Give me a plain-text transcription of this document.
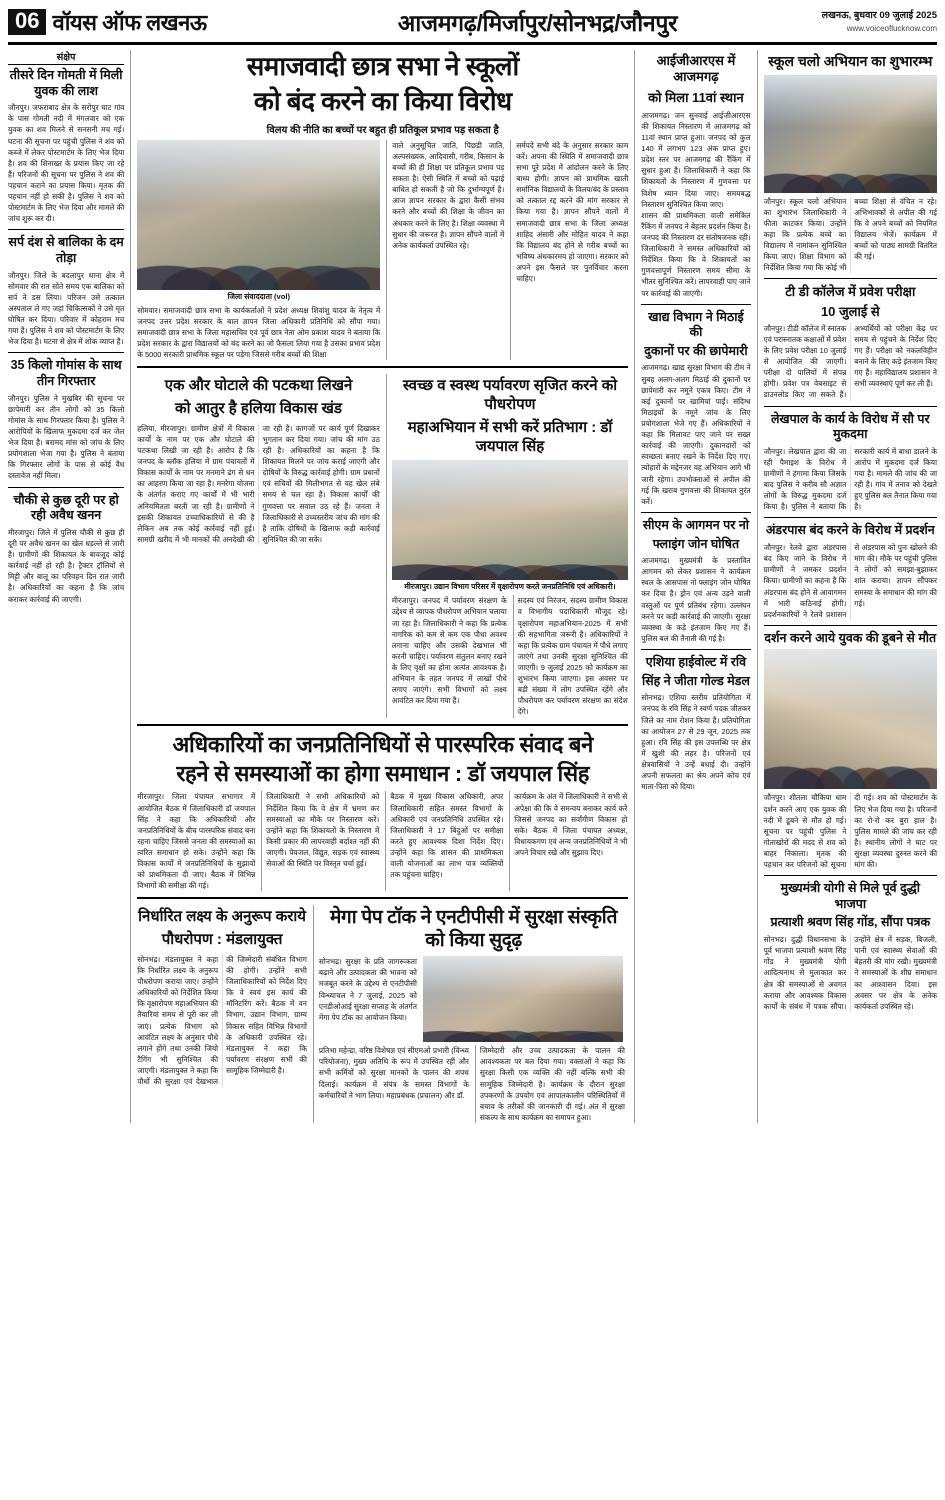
06 वॉयस ऑफ लखनऊ	आजमगढ़/मिर्जापुर/सोनभद्र/जौनपुर	लखनऊ, बुधवार 09 जुलाई 2025
www.voiceoflucknow.com
संक्षेप
तीसरे दिन गोमती में मिली युवक की लाश
जौनपुर। जफराबाद क्षेत्र के सरोपुर घाट गांव के पास गोमती नदी में मंगलवार को एक युवक का शव मिलने से सनसनी मच गई। घटना की सूचना पर पहुंची पुलिस ने शव को कब्जे में लेकर पोस्टमार्टम के लिए भेज दिया है। शव की शिनाख्त के प्रयास किए जा रहे हैं। परिजनों की सूचना पर पुलिस ने शव की पहचान कराने का प्रयास किया। मृतक की पहचान नहीं हो सकी है। पुलिस ने शव को पोस्टमार्टम के लिए भेज दिया और मामले की जांच शुरू कर दी।
सर्प दंश से बालिका के दम तोड़ा
जौनपुर। जिले के बदलापुर थाना क्षेत्र में सोमवार की रात सोते समय एक बालिका को सर्प ने डस लिया। परिजन उसे तत्काल अस्पताल ले गए जहां चिकित्सकों ने उसे मृत घोषित कर दिया। परिवार में कोहराम मच गया है। पुलिस ने शव को पोस्टमार्टम के लिए भेज दिया है। घटना से क्षेत्र में शोक व्याप्त है।
35 किलो गोमांस के साथ तीन गिरफ्तार
जौनपुर। पुलिस ने मुखबिर की सूचना पर छापेमारी कर तीन लोगों को 35 किलो गोमांस के साथ गिरफ्तार किया है। पुलिस ने आरोपियों के खिलाफ मुकदमा दर्ज कर जेल भेज दिया है। बरामद मांस को जांच के लिए प्रयोगशाला भेजा गया है। पुलिस ने बताया कि गिरफ्तार लोगों के पास से कोई वैध दस्तावेज नहीं मिला।
चौकी से कुछ दूरी पर हो रही अवैध खनन
मीरजापुर। जिले में पुलिस चौकी से कुछ ही दूरी पर अवैध खनन का खेल धड़ल्ले से जारी है। ग्रामीणों की शिकायत के बावजूद कोई कार्रवाई नहीं हो रही है। ट्रैक्टर ट्रॉलियों से मिट्टी और बालू का परिवहन दिन रात जारी है। अधिकारियों का कहना है कि जांच कराकर कार्रवाई की जाएगी।
समाजवादी छात्र सभा ने स्कूलों
को बंद करने का किया विरोध
विलय की नीति का बच्चों पर बहुत ही प्रतिकूल प्रभाव पड़ सकता है
जिला संवाददाता (vol)
सोमवार। समाजवादी छात्र सभा के कार्यकर्ताओं ने प्रदेश अध्यक्ष शिवांशु यादव के नेतृत्व में जनपद उत्तर प्रदेश सरकार के बाल ज्ञापन जिला अधिकारी प्रतिनिधि को सौंपा गया। समाजवादी छात्र सभा के जिला महासचिव एवं पूर्व छात्र नेता ओम प्रकाश यादव ने बताया कि प्रदेश सरकार के द्वारा विद्यालयों को बंद करने का जो फैसला लिया गया है उसका प्रभाव प्रदेश के 5000 सरकारी प्राथमिक स्कूल पर पड़ेगा जिससे गरीब बच्चों की शिक्षा
वाले अनुसूचित जाति, पिछड़ी जाति, अल्पसंख्यक, आदिवासी, गरीब, किसान के बच्चों की ही शिक्षा पर प्रतिकूल प्रभाव पड़ सकता है। ऐसी स्थिति में बच्चों को पढ़ाई बाधित हो सकती है जो कि दुर्भाग्यपूर्ण है। आज ज्ञापन सरकार के द्वारा कैसी संभव करने और बच्चों की शिक्षा के जीवन का अंधकार करने के लिए है। शिक्षा व्यवस्था में सुधार की जरूरत है। ज्ञापन सौंपने वालों में अनेक कार्यकर्ता उपस्थित रहे।
सर्मपदे सभी बंदे के अनुसार सरकार काम करें। अपना की स्थिति में समाजवादी छात्र सभा पूरे प्रदेश में आंदोलन करने के लिए बाध्य होगी। ज्ञापन को प्राथमिक खाती सर्मानिक विद्यालयों के विलय/बंद के प्रस्ताव को तत्काल रद्द करने की मांग सरकार से किया गया है। ज्ञापन सौंपने वालों में समाजवादी छात्र सभा के जिला अध्यक्ष शाहिद अंसारी और मोहित यादव ने कहा कि विद्यालय बंद होने से गरीब बच्चों का भविष्य अंधकारमय हो जाएगा। सरकार को अपने इस फैसले पर पुनर्विचार करना चाहिए।
एक और घोटाले की पटकथा लिखने
को आतुर है हलिया विकास खंड
हलिया, मीरजापुर। ग्रामीण क्षेत्रों में विकास कार्यों के नाम पर एक और घोटाले की पटकथा लिखी जा रही है। आरोप है कि जनपद के ब्लॉक हलिया में ग्राम पंचायतों में विकास कार्यों के नाम पर मनमाने ढंग से धन का आहरण किया जा रहा है। मनरेगा योजना के अंतर्गत कराए गए कार्यों में भी भारी अनियमितता बरती जा रही है। ग्रामीणों ने इसकी शिकायत उच्चाधिकारियों से की है लेकिन अब तक कोई कार्रवाई नहीं हुई। सामग्री खरीद में भी मानकों की अनदेखी की जा रही है। कागजों पर कार्य पूर्ण दिखाकर भुगतान कर दिया गया। जांच की मांग उठ रही है। अधिकारियों का कहना है कि शिकायत मिलने पर जांच कराई जाएगी और दोषियों के विरुद्ध कार्रवाई होगी। ग्राम प्रधानों एवं सचिवों की मिलीभगत से यह खेल लंबे समय से चल रहा है। विकास कार्यों की गुणवत्ता पर सवाल उठ रहे हैं। जनता ने जिलाधिकारी से उच्चस्तरीय जांच की मांग की है ताकि दोषियों के खिलाफ कड़ी कार्रवाई सुनिश्चित की जा सके।
स्वच्छ व स्वस्थ पर्यावरण सृजित करने को पौधरोपण
महाअभियान में सभी करें प्रतिभाग : डॉ जयपाल सिंह
मीरजापुर। उद्यान विभाग परिसर में वृक्षारोपण करते जनप्रतिनिधि एवं अधिकारी।
मीरजापुर। जनपद में पर्यावरण संरक्षण के उद्देश्य से व्यापक पौधरोपण अभियान चलाया जा रहा है। जिलाधिकारी ने कहा कि प्रत्येक नागरिक को कम से कम एक पौधा अवश्य लगाना चाहिए और उसकी देखभाल भी करनी चाहिए। पर्यावरण संतुलन बनाए रखने के लिए वृक्षों का होना अत्यंत आवश्यक है। अभियान के तहत जनपद में लाखों पौधे लगाए जाएंगे। सभी विभागों को लक्ष्य आवंटित कर दिया गया है।
सदस्य एवं निरंजन, सदस्य ग्रामीण विकास व विभागीय पदाधिकारी मौजूद रहे। वृक्षारोपण महाअभियान-2025 में सभी की सहभागिता जरूरी है। अधिकारियों ने कहा कि प्रत्येक ग्राम पंचायत में पौधे लगाए जाएंगे तथा उनकी सुरक्षा सुनिश्चित की जाएगी। 9 जुलाई 2025 को कार्यक्रम का शुभारंभ किया जाएगा। इस अवसर पर बड़ी संख्या में लोग उपस्थित रहेंगे और पौधरोपण कर पर्यावरण संरक्षण का संदेश देंगे।
अधिकारियों का जनप्रतिनिधियों से पारस्परिक संवाद बने
रहने से समस्याओं का होगा समाधान : डॉ जयपाल सिंह
मीरजापुर। जिला पंचायत सभागार में आयोजित बैठक में जिलाधिकारी डॉ जयपाल सिंह ने कहा कि अधिकारियों और जनप्रतिनिधियों के बीच पारस्परिक संवाद बना रहना चाहिए जिससे जनता की समस्याओं का त्वरित समाधान हो सके। उन्होंने कहा कि विकास कार्यों में जनप्रतिनिधियों के सुझावों को प्राथमिकता दी जाए। बैठक में विभिन्न विभागों की समीक्षा की गई।
जिलाधिकारी ने सभी अधिकारियों को निर्देशित किया कि वे क्षेत्र में भ्रमण कर समस्याओं का मौके पर निस्तारण करें। उन्होंने कहा कि शिकायतों के निस्तारण में किसी प्रकार की लापरवाही बर्दाश्त नहीं की जाएगी। पेयजल, विद्युत, सड़क एवं स्वास्थ्य सेवाओं की स्थिति पर विस्तृत चर्चा हुई।
बैठक में मुख्य विकास अधिकारी, अपर जिलाधिकारी सहित समस्त विभागों के अधिकारी एवं जनप्रतिनिधि उपस्थित रहे। जिलाधिकारी ने 17 बिंदुओं पर समीक्षा करते हुए आवश्यक दिशा निर्देश दिए। उन्होंने कहा कि शासन की प्राथमिकता वाली योजनाओं का लाभ पात्र व्यक्तियों तक पहुंचना चाहिए।
कार्यक्रम के अंत में जिलाधिकारी ने सभी से अपेक्षा की कि वे समन्वय बनाकर कार्य करें जिससे जनपद का सर्वांगीण विकास हो सके। बैठक में जिला पंचायत अध्यक्ष, विधायकगण एवं अन्य जनप्रतिनिधियों ने भी अपने विचार रखे और सुझाव दिए।
निर्धारित लक्ष्य के अनुरूप कराये
पौधरोपण : मंडलायुक्त
सोनभद्र। मंडलायुक्त ने कहा कि निर्धारित लक्ष्य के अनुरूप पौधरोपण कराया जाए। उन्होंने अधिकारियों को निर्देशित किया कि वृक्षारोपण महाअभियान की तैयारियां समय से पूरी कर ली जाएं। प्रत्येक विभाग को आवंटित लक्ष्य के अनुसार पौधे लगाने होंगे तथा उनकी जियो टैगिंग भी सुनिश्चित की जाएगी। मंडलायुक्त ने कहा कि पौधों की सुरक्षा एवं देखभाल की जिम्मेदारी संबंधित विभाग की होगी। उन्होंने सभी जिलाधिकारियों को निर्देश दिए कि वे स्वयं इस कार्य की मॉनिटरिंग करें। बैठक में वन विभाग, उद्यान विभाग, ग्राम्य विकास सहित विभिन्न विभागों के अधिकारी उपस्थित रहे। मंडलायुक्त ने कहा कि पर्यावरण संरक्षण सभी की सामूहिक जिम्मेदारी है।
मेगा पेप टॉक ने एनटीपीसी में सुरक्षा संस्कृति को किया सुदृढ़
सोनभद्र। सुरक्षा के प्रति जागरूकता बढ़ाने और उत्पादकता की भावना को मजबूत करने के उद्देश्य से एनटीपीसी विन्ध्याचल ने 7 जुलाई, 2025 को एनडीओआई सुरक्षा सप्ताह के अंतर्गत मेगा पेप टॉक का आयोजन किया।
प्रतिभा महेन्द्रा, वरिष्ठ विशेषज्ञ एवं सीएमओ प्रभारी (विन्ध्य परियोजना), मुख्य अतिथि के रूप में उपस्थित रहीं और सभी कर्मियों को सुरक्षा मानकों के पालन की शपथ दिलाई। कार्यक्रम में संयंत्र के समस्त विभागों के कर्मचारियों ने भाग लिया। महाप्रबंधक (प्रचालन) और डॉ.
जिम्मेदारी और उच्च उत्पादकता के पालन की आवश्यकता पर बल दिया गया। वक्ताओं ने कहा कि सुरक्षा किसी एक व्यक्ति की नहीं बल्कि सभी की सामूहिक जिम्मेदारी है। कार्यक्रम के दौरान सुरक्षा उपकरणों के उपयोग एवं आपातकालीन परिस्थितियों में बचाव के तरीकों की जानकारी दी गई। अंत में सुरक्षा संकल्प के साथ कार्यक्रम का समापन हुआ।
आईजीआरएस में आजमगढ़
को मिला 11वां स्थान
आजमगढ़। जन सुनवाई आईजीआरएस की शिकायत निस्तारण में आजमगढ़ को 11वां स्थान प्राप्त हुआ। जनपद को कुल 140 में लगभग 123 अंक प्राप्त हुए। प्रदेश स्तर पर आजमगढ़ की रैंकिंग में सुधार हुआ है। जिलाधिकारी ने कहा कि शिकायतों के निस्तारण में गुणवत्ता पर विशेष ध्यान दिया जाए। समयबद्ध निस्तारण सुनिश्चित किया जाए।
शासन की प्राथमिकता वाली समेकित रैंकिंग में जनपद ने बेहतर प्रदर्शन किया है। जनपद की निस्तारण दर संतोषजनक रही। जिलाधिकारी ने समस्त अधिकारियों को निर्देशित किया कि वे शिकायतों का गुणवत्तापूर्ण निस्तारण समय सीमा के भीतर सुनिश्चित करें। लापरवाही पाए जाने पर कार्रवाई की जाएगी।
खाद्य विभाग ने मिठाई की
दुकानों पर की छापेमारी
आजमगढ़। खाद्य सुरक्षा विभाग की टीम ने सुबह अलग-अलग मिठाई की दुकानों पर छापेमारी कर नमूने एकत्र किए। टीम ने कई दुकानों पर खामियां पाईं। संदिग्ध मिठाइयों के नमूने जांच के लिए प्रयोगशाला भेजे गए हैं। अधिकारियों ने कहा कि मिलावट पाए जाने पर सख्त कार्रवाई की जाएगी। दुकानदारों को स्वच्छता बनाए रखने के निर्देश दिए गए। त्योहारों के मद्देनजर यह अभियान आगे भी जारी रहेगा। उपभोक्ताओं से अपील की गई कि खराब गुणवत्ता की शिकायत तुरंत करें।
सीएम के आगमन पर नो
फ्लाइंग जोन घोषित
आजमगढ़। मुख्यमंत्री के प्रस्तावित आगमन को लेकर प्रशासन ने कार्यक्रम स्थल के आसपास नो फ्लाइंग जोन घोषित कर दिया है। ड्रोन एवं अन्य उड़ने वाली वस्तुओं पर पूर्ण प्रतिबंध रहेगा। उल्लंघन करने पर कड़ी कार्रवाई की जाएगी। सुरक्षा व्यवस्था के कड़े इंतजाम किए गए हैं। पुलिस बल की तैनाती की गई है।
एशिया हाईवोल्ट में रवि
सिंह ने जीता गोल्ड मेडल
सोनभद्र। एशिया स्तरीय प्रतियोगिता में जनपद के रवि सिंह ने स्वर्ण पदक जीतकर जिले का नाम रोशन किया है। प्रतियोगिता का आयोजन 27 से 29 जून, 2025 तक हुआ। रवि सिंह की इस उपलब्धि पर क्षेत्र में खुशी की लहर है। परिजनों एवं क्षेत्रवासियों ने उन्हें बधाई दी। उन्होंने अपनी सफलता का श्रेय अपने कोच एवं माता-पिता को दिया।
स्कूल चलो अभियान का शुभारम्भ
जौनपुर। स्कूल चलो अभियान का शुभारंभ जिलाधिकारी ने फीता काटकर किया। उन्होंने कहा कि प्रत्येक बच्चे का विद्यालय में नामांकन सुनिश्चित किया जाए। शिक्षा विभाग को निर्देशित किया गया कि कोई भी बच्चा शिक्षा से वंचित न रहे। अभिभावकों से अपील की गई कि वे अपने बच्चों को नियमित विद्यालय भेजें। कार्यक्रम में बच्चों को पाठ्य सामग्री वितरित की गई।
टी डी कॉलेज में प्रवेश परीक्षा
10 जुलाई से
जौनपुर। टीडी कॉलेज में स्नातक एवं परास्नातक कक्षाओं में प्रवेश के लिए प्रवेश परीक्षा 10 जुलाई से आयोजित की जाएगी। परीक्षा दो पालियों में संपन्न होगी। प्रवेश पत्र वेबसाइट से डाउनलोड किए जा सकते हैं। अभ्यर्थियों को परीक्षा केंद्र पर समय से पहुंचने के निर्देश दिए गए हैं। परीक्षा को नकलविहीन बनाने के लिए कड़े इंतजाम किए गए हैं। महाविद्यालय प्रशासन ने सभी व्यवस्थाएं पूर्ण कर ली हैं।
लेखपाल के कार्य के विरोध में सौ पर मुकदमा
जौनपुर। लेखपाल द्वारा की जा रही पैमाइश के विरोध में ग्रामीणों ने हंगामा किया जिसके बाद पुलिस ने करीब सौ अज्ञात लोगों के विरुद्ध मुकदमा दर्ज किया है। पुलिस ने बताया कि सरकारी कार्य में बाधा डालने के आरोप में मुकदमा दर्ज किया गया है। मामले की जांच की जा रही है। गांव में तनाव को देखते हुए पुलिस बल तैनात किया गया है।
अंडरपास बंद करने के विरोध में प्रदर्शन
जौनपुर। रेलवे द्वारा अंडरपास बंद किए जाने के विरोध में ग्रामीणों ने जमकर प्रदर्शन किया। ग्रामीणों का कहना है कि अंडरपास बंद होने से आवागमन में भारी कठिनाई होगी। प्रदर्शनकारियों ने रेलवे प्रशासन से अंडरपास को पुनः खोलने की मांग की। मौके पर पहुंची पुलिस ने लोगों को समझा-बुझाकर शांत कराया। ज्ञापन सौंपकर समस्या के समाधान की मांग की गई।
दर्शन करने आये युवक की डूबने से मौत
जौनपुर। शीतला चौकिया धाम दर्शन करने आए एक युवक की नदी में डूबने से मौत हो गई। सूचना पर पहुंची पुलिस ने गोताखोरों की मदद से शव को बाहर निकाला। मृतक की पहचान कर परिजनों को सूचना दी गई। शव को पोस्टमार्टम के लिए भेज दिया गया है। परिजनों का रो-रो कर बुरा हाल है। पुलिस मामले की जांच कर रही है। स्थानीय लोगों ने घाट पर सुरक्षा व्यवस्था दुरुस्त करने की मांग की।
मुख्यमंत्री योगी से मिले पूर्व दुद्धी भाजपा
प्रत्याशी श्रवण सिंह गोंड, सौंपा पत्रक
सोनभद्र। दुद्धी विधानसभा के पूर्व भाजपा प्रत्याशी श्रवण सिंह गोंड ने मुख्यमंत्री योगी आदित्यनाथ से मुलाकात कर क्षेत्र की समस्याओं से अवगत कराया और आवश्यक विकास कार्यों के संबंध में पत्रक सौंपा। उन्होंने क्षेत्र में सड़क, बिजली, पानी एवं स्वास्थ्य सेवाओं की बेहतरी की मांग रखी। मुख्यमंत्री ने समस्याओं के शीघ्र समाधान का आश्वासन दिया। इस अवसर पर क्षेत्र के अनेक कार्यकर्ता उपस्थित रहे।
